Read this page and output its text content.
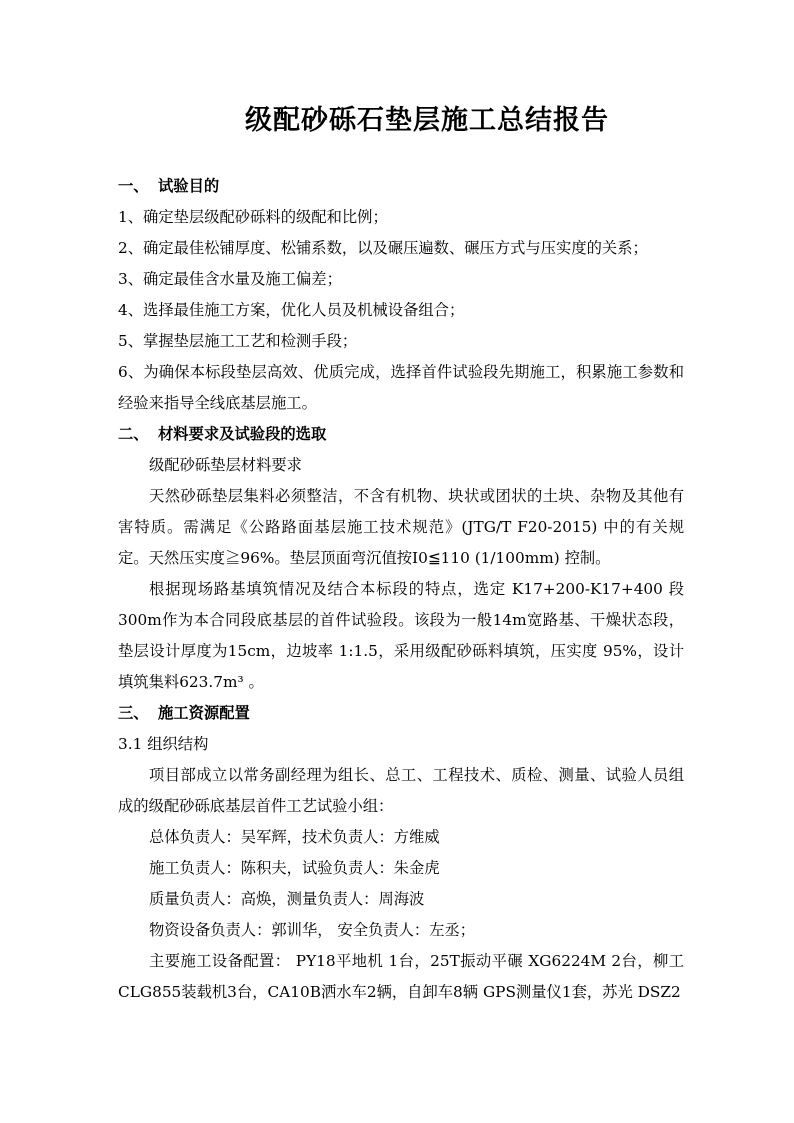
级配砂砾石垫层施工总结报告
一、 试验目的
1、确定垫层级配砂砾料的级配和比例；
2、确定最佳松铺厚度、松铺系数，以及碾压遍数、碾压方式与压实度的关系；
3、确定最佳含水量及施工偏差；
4、选择最佳施工方案，优化人员及机械设备组合；
5、掌握垫层施工工艺和检测手段；
6、为确保本标段垫层高效、优质完成，选择首件试验段先期施工，积累施工参数和经验来指导全线底基层施工。
二、 材料要求及试验段的选取
级配砂砾垫层材料要求
天然砂砾垫层集料必须整洁，不含有机物、块状或团状的土块、杂物及其他有害特质。需满足《公路路面基层施工技术规范》(JTG/T F20-2015) 中的有关规定。天然压实度≧96%。垫层顶面弯沉值按I0≦110 (1/100mm) 控制。
根据现场路基填筑情况及结合本标段的特点，选定 K17+200-K17+400 段 300m作为本合同段底基层的首件试验段。该段为一般14m宽路基、干燥状态段，垫层设计厚度为15cm，边坡率 1:1.5，采用级配砂砾料填筑，压实度 95%，设计填筑集料623.7m³ 。
三、 施工资源配置
3.1 组织结构
项目部成立以常务副经理为组长、总工、工程技术、质检、测量、试验人员组成的级配砂砾底基层首件工艺试验小组：
总体负责人：吴军辉，技术负责人：方维威
施工负责人：陈积夫，试验负责人：朱金虎
质量负责人：高焕，测量负责人：周海波
物资设备负责人：郭训华， 安全负责人：左丞；
主要施工设备配置： PY18平地机 1台，25T振动平碾 XG6224M 2台，柳工CLG855装载机3台，CA10B洒水车2辆，自卸车8辆 GPS测量仪1套，苏光 DSZ2
